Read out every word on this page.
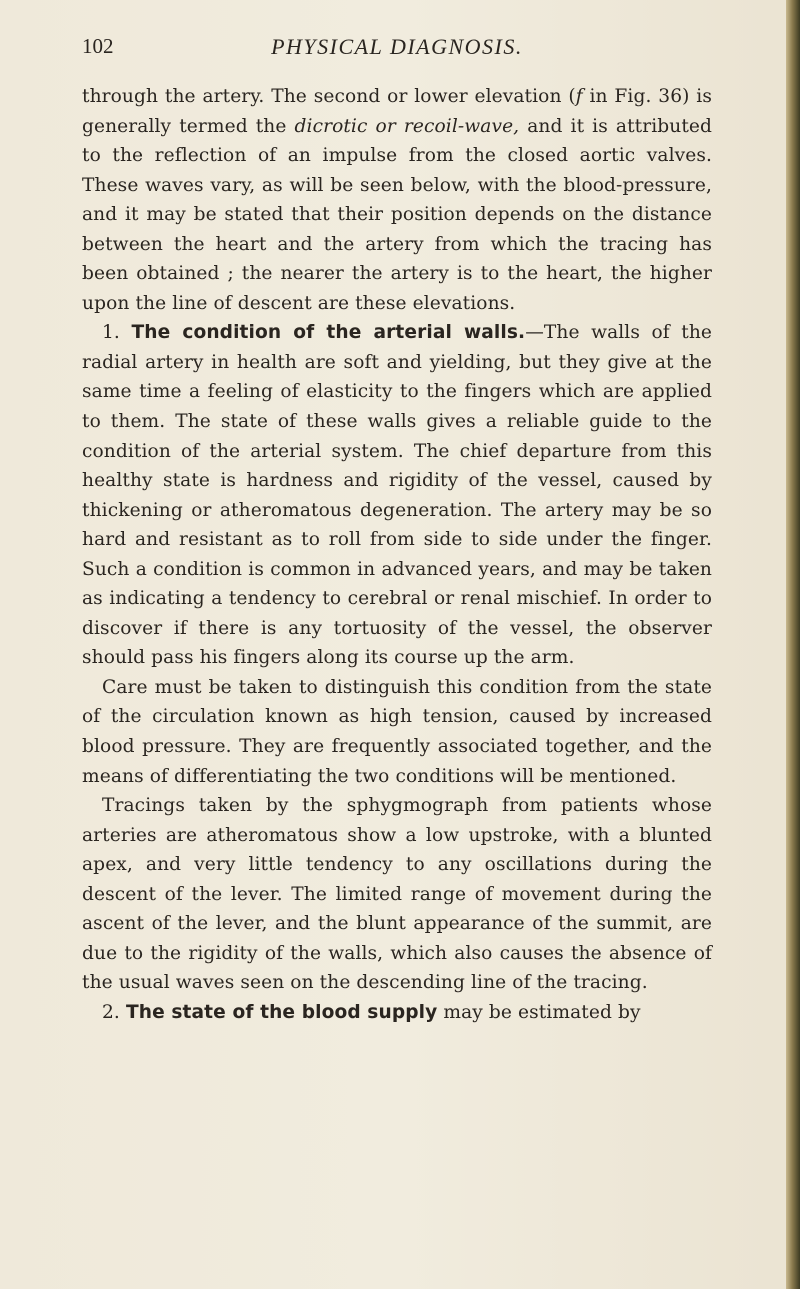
102	PHYSICAL DIAGNOSIS.

through the artery. The second or lower elevation (f in Fig. 36) is generally termed the dicrotic or recoil-wave, and it is attributed to the reflection of an impulse from the closed aortic valves. These waves vary, as will be seen below, with the blood-pressure, and it may be stated that their position depends on the distance between the heart and the artery from which the tracing has been obtained ; the nearer the artery is to the heart, the higher upon the line of descent are these elevations.

1. The condition of the arterial walls.—The walls of the radial artery in health are soft and yielding, but they give at the same time a feeling of elasticity to the fingers which are applied to them. The state of these walls gives a reliable guide to the condition of the arterial system. The chief departure from this healthy state is hardness and rigidity of the vessel, caused by thickening or atheromatous degeneration. The artery may be so hard and resistant as to roll from side to side under the finger. Such a condition is common in advanced years, and may be taken as indicating a tendency to cerebral or renal mischief. In order to discover if there is any tortuosity of the vessel, the observer should pass his fingers along its course up the arm.

Care must be taken to distinguish this condition from the state of the circulation known as high tension, caused by increased blood pressure. They are frequently associated together, and the means of differentiating the two conditions will be mentioned.

Tracings taken by the sphygmograph from patients whose arteries are atheromatous show a low upstroke, with a blunted apex, and very little tendency to any oscillations during the descent of the lever. The limited range of movement during the ascent of the lever, and the blunt appearance of the summit, are due to the rigidity of the walls, which also causes the absence of the usual waves seen on the descending line of the tracing.

2. The state of the blood supply may be estimated by
